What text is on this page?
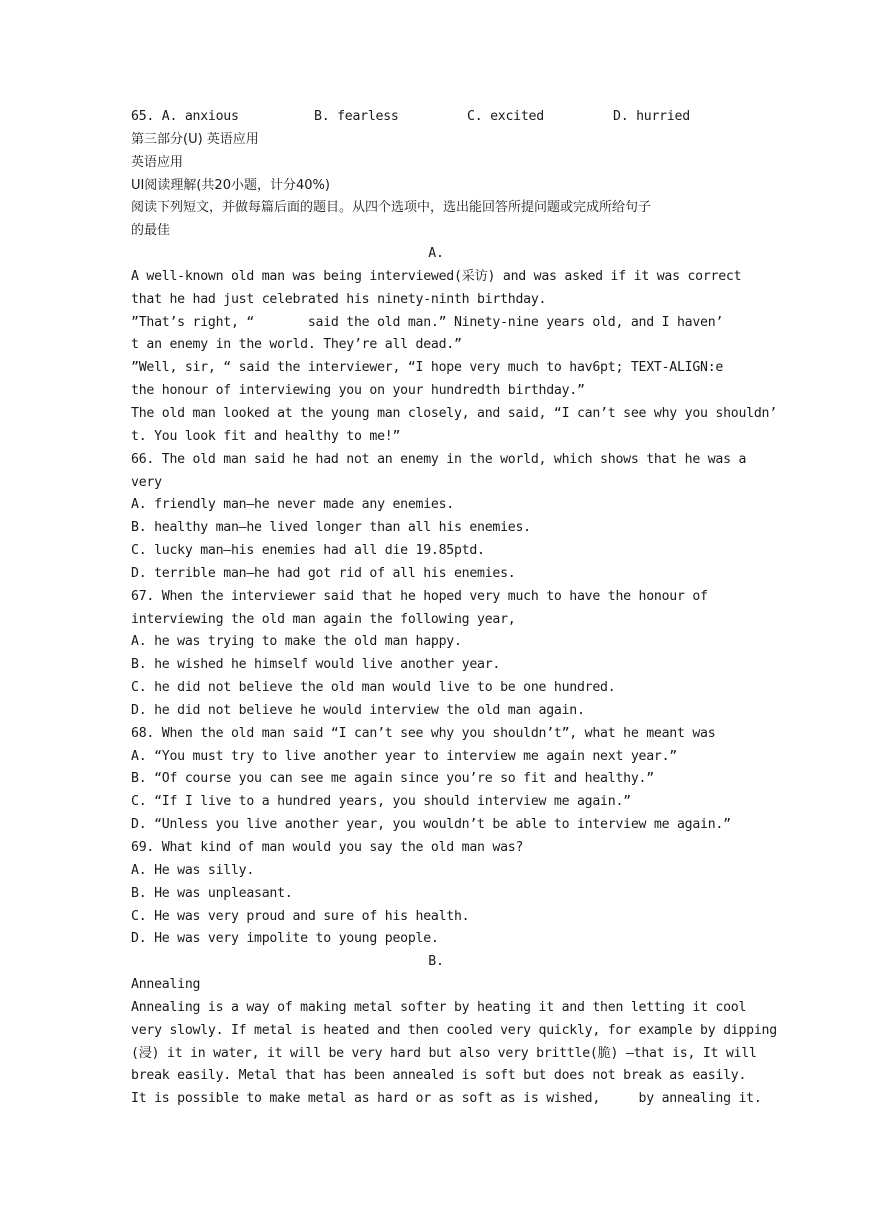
65. A. anxious	B. fearless	C. excited	D. hurried
第三部分(U) 英语应用
英语应用
UI阅读理解(共20小题，计分40%)
阅读下列短文，并做每篇后面的题目。从四个选项中，选出能回答所提问题或完成所给句子
的最佳
A.
A well-known old man was being interviewed(采访) and was asked if it was correct
that he had just celebrated his ninety-ninth birthday.
”That’s right, “       said the old man.” Ninety-nine years old, and I haven’
t an enemy in the world. They’re all dead.”
”Well, sir, “ said the interviewer, “I hope very much to hav6pt; TEXT-ALIGN:e
the honour of interviewing you on your hundredth birthday.”
The old man looked at the young man closely, and said, “I can’t see why you shouldn’
t. You look fit and healthy to me!”
66. The old man said he had not an enemy in the world, which shows that he was a
very
A. friendly man—he never made any enemies.
B. healthy man—he lived longer than all his enemies.
C. lucky man—his enemies had all die 19.85ptd.
D. terrible man—he had got rid of all his enemies.
67. When the interviewer said that he hoped very much to have the honour of
interviewing the old man again the following year,
A. he was trying to make the old man happy.
B. he wished he himself would live another year.
C. he did not believe the old man would live to be one hundred.
D. he did not believe he would interview the old man again.
68. When the old man said “I can’t see why you shouldn’t”, what he meant was
A. “You must try to live another year to interview me again next year.”
B. “Of course you can see me again since you’re so fit and healthy.”
C. “If I live to a hundred years, you should interview me again.”
D. “Unless you live another year, you wouldn’t be able to interview me again.”
69. What kind of man would you say the old man was?
A. He was silly.
B. He was unpleasant.
C. He was very proud and sure of his health.
D. He was very impolite to young people.
B.
Annealing
Annealing is a way of making metal softer by heating it and then letting it cool
very slowly. If metal is heated and then cooled very quickly, for example by dipping
(浸) it in water, it will be very hard but also very brittle(脆) —that is, It will
break easily. Metal that has been annealed is soft but does not break as easily.
It is possible to make metal as hard or as soft as is wished,     by annealing it.
